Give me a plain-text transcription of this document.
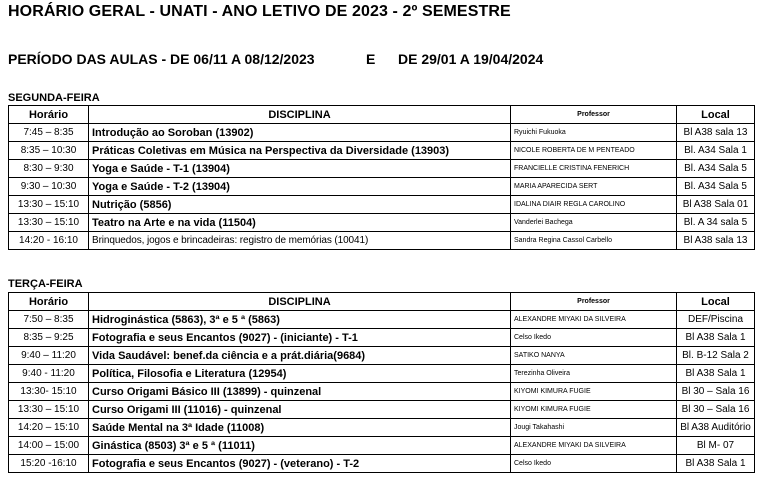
HORÁRIO GERAL - UNATI - ANO LETIVO DE 2023 - 2º SEMESTRE
PERÍODO DAS AULAS - DE 06/11 A 08/12/2023	E DE 29/01 A 19/04/2024
SEGUNDA-FEIRA
Horário	DISCIPLINA	Professor	Local
7:45 – 8:35	Introdução ao Soroban (13902)	Ryuichi Fukuoka	Bl A38 sala 13
8:35 – 10:30	Práticas Coletivas em Música na Perspectiva da Diversidade (13903)	NICOLE ROBERTA DE M PENTEADO	Bl. A34 Sala 1
8:30 – 9:30	Yoga e Saúde - T-1 (13904)	FRANCIELLE CRISTINA FENERICH	Bl. A34 Sala 5
9:30 – 10:30	Yoga e Saúde - T-2 (13904)	MARIA APARECIDA SERT	Bl. A34 Sala 5
13:30 – 15:10	Nutrição (5856)	IDALINA DIAIR REGLA CAROLINO	Bl A38 Sala 01
13:30 – 15:10	Teatro na Arte e na vida (11504)	Vanderlei Bachega	Bl. A 34 sala 5
14:20 - 16:10	Brinquedos, jogos e brincadeiras: registro de memórias (10041)	Sandra Regina Cassol Carbello	Bl A38 sala 13
TERÇA-FEIRA
Horário	DISCIPLINA	Professor	Local
7:50 – 8:35	Hidroginástica (5863), 3ª e 5 ª (5863)	ALEXANDRE MIYAKI DA SILVEIRA	DEF/Piscina
8:35 – 9:25	Fotografia e seus Encantos (9027) - (iniciante) - T-1	Celso Ikedo	Bl A38 Sala 1
9:40 – 11:20	Vida Saudável: benef.da ciência e a prát.diária(9684)	SATIKO NANYA	Bl. B-12 Sala 2
9:40 - 11:20	Política, Filosofia e Literatura (12954)	Terezinha Oliveira	Bl A38 Sala 1
13:30- 15:10	Curso Origami Básico III (13899) - quinzenal	KIYOMI KIMURA FUGIE	Bl 30 – Sala 16
13:30 – 15:10	Curso Origami III (11016) - quinzenal	KIYOMI KIMURA FUGIE	Bl 30 – Sala 16
14:20 – 15:10	Saúde Mental na 3ª Idade (11008)	Jougi Takahashi	Bl A38 Auditório
14:00 – 15:00	Ginástica (8503) 3ª e 5 ª (11011)	ALEXANDRE MIYAKI DA SILVEIRA	Bl M- 07
15:20 -16:10	Fotografia e seus Encantos (9027) - (veterano) - T-2	Celso Ikedo	Bl A38 Sala 1
